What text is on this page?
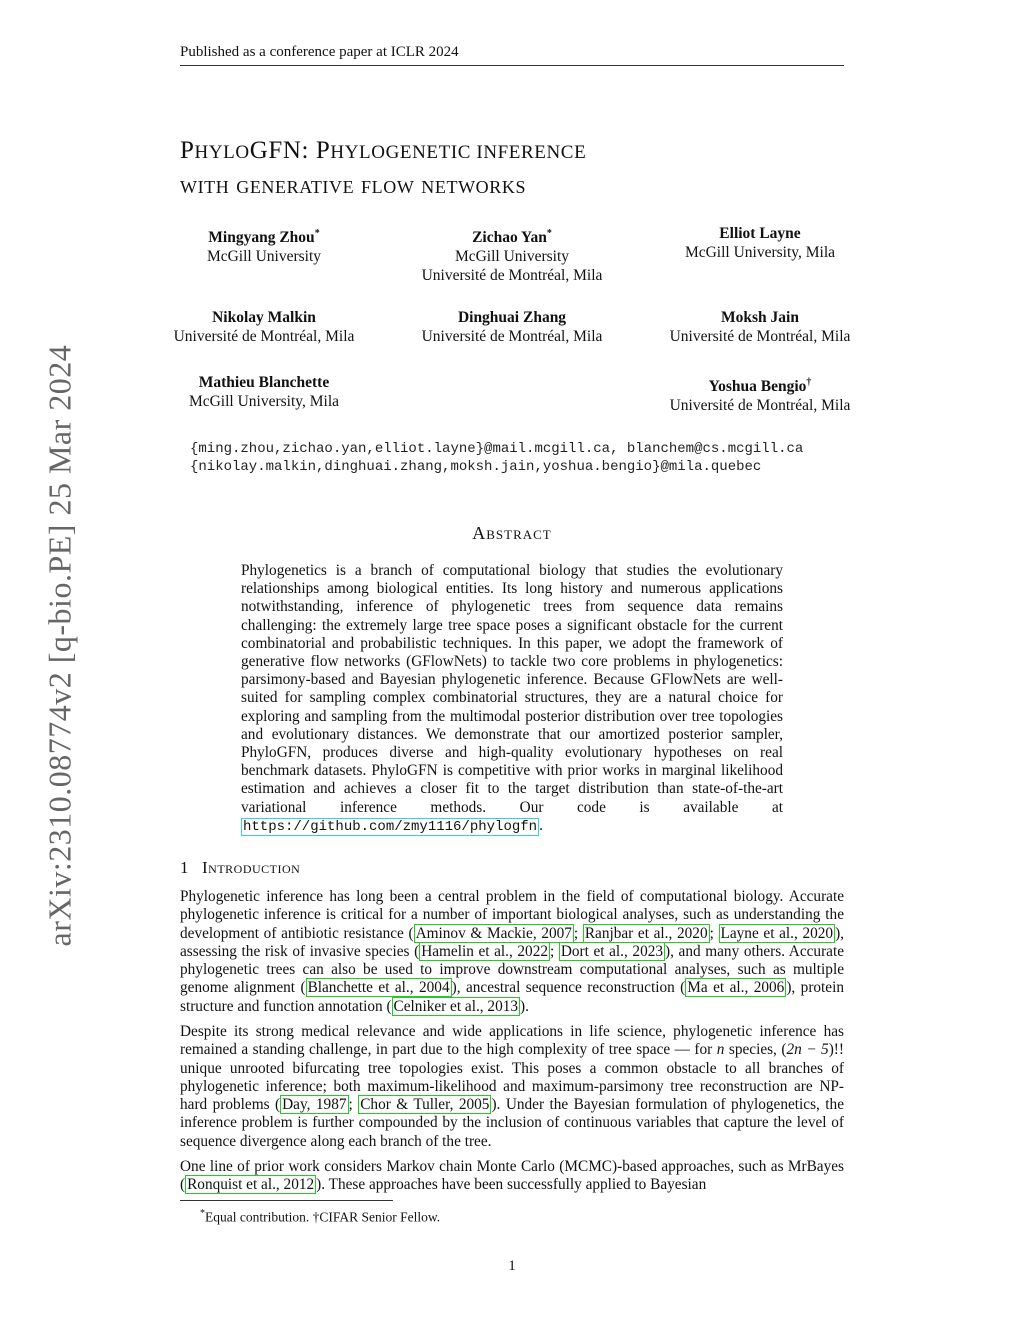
Published as a conference paper at ICLR 2024
arXiv:2310.08774v2 [q-bio.PE] 25 Mar 2024
PHYLOGFN: PHYLOGENETIC INFERENCE
with generative flow networks
Mingyang Zhou*
McGill University
Zichao Yan*
McGill University
Université de Montréal, Mila
Elliot Layne
McGill University, Mila
Nikolay Malkin
Université de Montréal, Mila
Dinghuai Zhang
Université de Montréal, Mila
Moksh Jain
Université de Montréal, Mila
Mathieu Blanchette
McGill University, Mila
Yoshua Bengio†
Université de Montréal, Mila
{ming.zhou,zichao.yan,elliot.layne}@mail.mcgill.ca, blanchem@cs.mcgill.ca
{nikolay.malkin,dinghuai.zhang,moksh.jain,yoshua.bengio}@mila.quebec
Abstract
Phylogenetics is a branch of computational biology that studies the evolutionary relationships among biological entities. Its long history and numerous applications notwithstanding, inference of phylogenetic trees from sequence data remains challenging: the extremely large tree space poses a significant obstacle for the current combinatorial and probabilistic techniques. In this paper, we adopt the framework of generative flow networks (GFlowNets) to tackle two core problems in phylogenetics: parsimony-based and Bayesian phylogenetic inference. Because GFlowNets are well-suited for sampling complex combinatorial structures, they are a natural choice for exploring and sampling from the multimodal posterior distribution over tree topologies and evolutionary distances. We demonstrate that our amortized posterior sampler, PhyloGFN, produces diverse and high-quality evolutionary hypotheses on real benchmark datasets. PhyloGFN is competitive with prior works in marginal likelihood estimation and achieves a closer fit to the target distribution than state-of-the-art variational inference methods. Our code is available at https://github.com/zmy1116/phylogfn .
1 Introduction
Phylogenetic inference has long been a central problem in the field of computational biology. Accurate phylogenetic inference is critical for a number of important biological analyses, such as understanding the development of antibiotic resistance ( Aminov & Mackie, 2007 ; Ranjbar et al., 2020 ; Layne et al., 2020 ), assessing the risk of invasive species ( Hamelin et al., 2022 ; Dort et al., 2023 ), and many others. Accurate phylogenetic trees can also be used to improve downstream computational analyses, such as multiple genome alignment ( Blanchette et al., 2004 ), ancestral sequence reconstruction ( Ma et al., 2006 ), protein structure and function annotation ( Celniker et al., 2013 ).
Despite its strong medical relevance and wide applications in life science, phylogenetic inference has remained a standing challenge, in part due to the high complexity of tree space — for n species, (2n − 5)!! unique unrooted bifurcating tree topologies exist. This poses a common obstacle to all branches of phylogenetic inference; both maximum-likelihood and maximum-parsimony tree reconstruction are NP-hard problems ( Day, 1987 ; Chor & Tuller, 2005 ). Under the Bayesian formulation of phylogenetics, the inference problem is further compounded by the inclusion of continuous variables that capture the level of sequence divergence along each branch of the tree.
One line of prior work considers Markov chain Monte Carlo (MCMC)-based approaches, such as MrBayes ( Ronquist et al., 2012 ). These approaches have been successfully applied to Bayesian
*Equal contribution. †CIFAR Senior Fellow.
1
